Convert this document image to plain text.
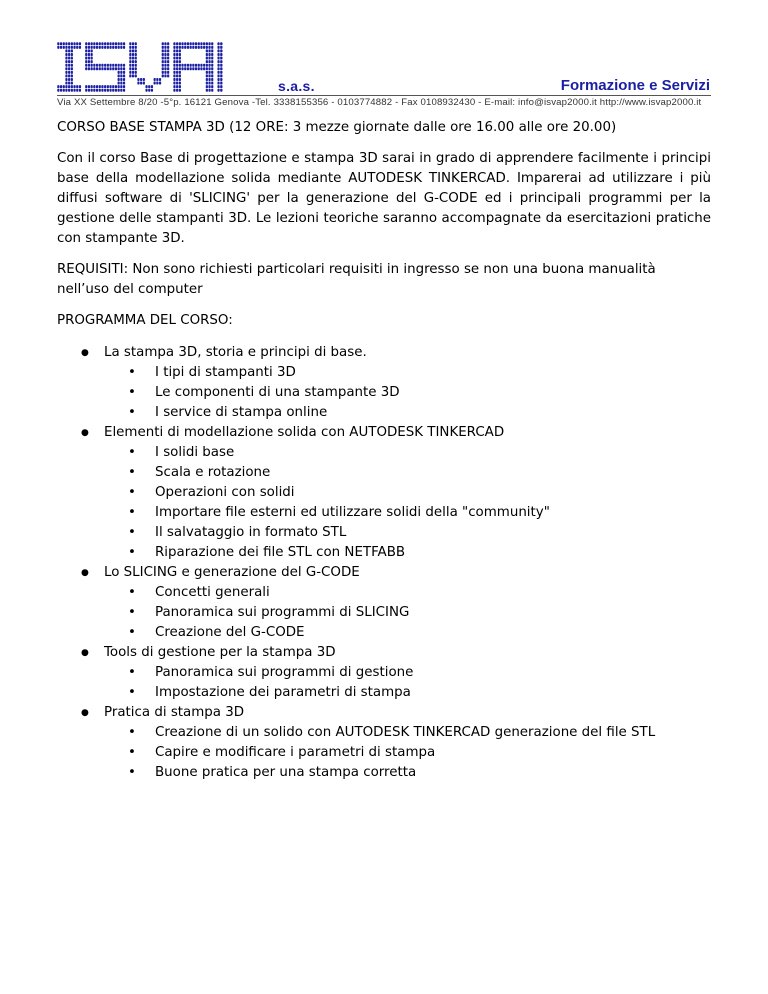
s.a.s.	Formazione e Servizi
Via XX Settembre 8/20 -5°p. 16121 Genova -Tel. 3338155356 - 0103774882 - Fax 0108932430 - E-mail: info@isvap2000.it http://www.isvap2000.it

CORSO BASE STAMPA 3D (12 ORE: 3 mezze giornate dalle ore 16.00 alle ore 20.00)

Con il corso Base di progettazione e stampa 3D sarai in grado di apprendere facilmente i principi base della modellazione solida mediante AUTODESK TINKERCAD. Imparerai ad utilizzare i più diffusi software di 'SLICING' per la generazione del G-CODE ed i principali programmi per la gestione delle stampanti 3D. Le lezioni teoriche saranno accompagnate da esercitazioni pratiche con stampante 3D.

REQUISITI: Non sono richiesti particolari requisiti in ingresso se non una buona manualità nell’uso del computer

PROGRAMMA DEL CORSO:

● La stampa 3D, storia e principi di base.
• I tipi di stampanti 3D
• Le componenti di una stampante 3D
• I service di stampa online
● Elementi di modellazione solida con AUTODESK TINKERCAD
• I solidi base
• Scala e rotazione
• Operazioni con solidi
• Importare file esterni ed utilizzare solidi della "community"
• Il salvataggio in formato STL
• Riparazione dei file STL con NETFABB
● Lo SLICING e generazione del G-CODE
• Concetti generali
• Panoramica sui programmi di SLICING
• Creazione del G-CODE
● Tools di gestione per la stampa 3D
• Panoramica sui programmi di gestione
• Impostazione dei parametri di stampa
● Pratica di stampa 3D
• Creazione di un solido con AUTODESK TINKERCAD generazione del file STL
• Capire e modificare i parametri di stampa
• Buone pratica per una stampa corretta
